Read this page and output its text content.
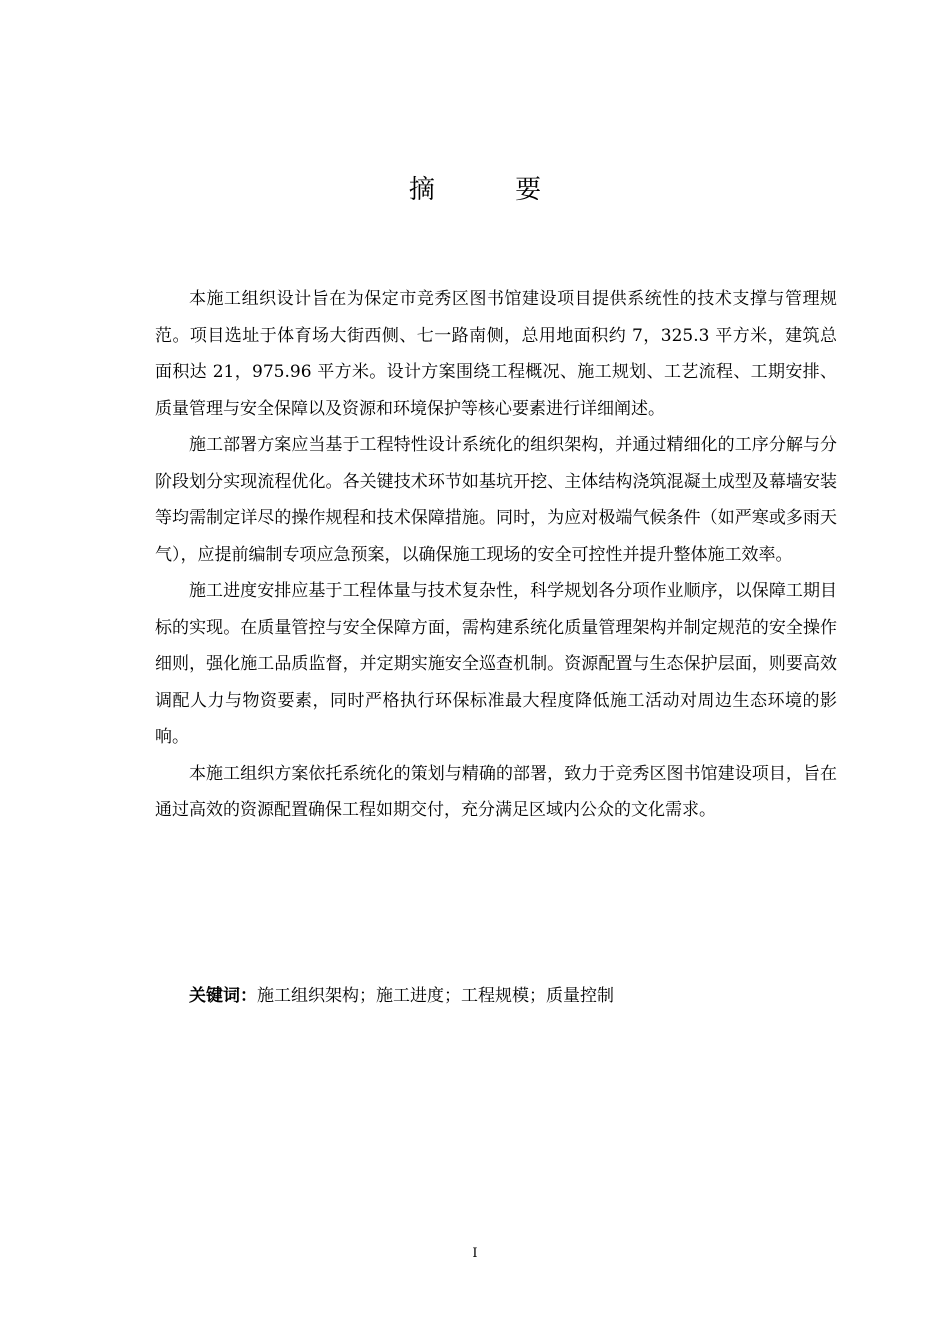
摘 要

本施工组织设计旨在为保定市竞秀区图书馆建设项目提供系统性的技术支撑与管理规范。项目选址于体育场大街西侧、七一路南侧，总用地面积约 7，325.3 平方米，建筑总面积达 21，975.96 平方米。设计方案围绕工程概况、施工规划、工艺流程、工期安排、质量管理与安全保障以及资源和环境保护等核心要素进行详细阐述。

施工部署方案应当基于工程特性设计系统化的组织架构，并通过精细化的工序分解与分阶段划分实现流程优化。各关键技术环节如基坑开挖、主体结构浇筑混凝土成型及幕墙安装等均需制定详尽的操作规程和技术保障措施。同时，为应对极端气候条件（如严寒或多雨天气），应提前编制专项应急预案，以确保施工现场的安全可控性并提升整体施工效率。

施工进度安排应基于工程体量与技术复杂性，科学规划各分项作业顺序，以保障工期目标的实现。在质量管控与安全保障方面，需构建系统化质量管理架构并制定规范的安全操作细则，强化施工品质监督，并定期实施安全巡查机制。资源配置与生态保护层面，则要高效调配人力与物资要素，同时严格执行环保标准最大程度降低施工活动对周边生态环境的影响。

本施工组织方案依托系统化的策划与精确的部署，致力于竞秀区图书馆建设项目，旨在通过高效的资源配置确保工程如期交付，充分满足区域内公众的文化需求。

关键词：施工组织架构；施工进度；工程规模；质量控制
I
